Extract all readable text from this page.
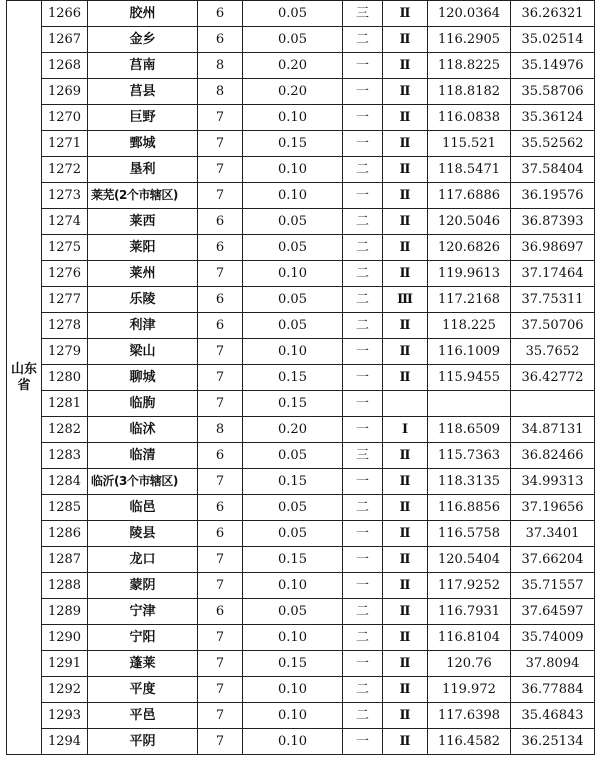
山东省	1266	胶州	6	0.05	三	Ⅱ	120.0364	36.26321
	1267	金乡	6	0.05	二	Ⅱ	116.2905	35.02514
	1268	莒南	8	0.20	一	Ⅱ	118.8225	35.14976
	1269	莒县	8	0.20	一	Ⅱ	118.8182	35.58706
	1270	巨野	7	0.10	一	Ⅱ	116.0838	35.36124
	1271	鄄城	7	0.15	一	Ⅱ	115.521	35.52562
	1272	垦利	7	0.10	二	Ⅱ	118.5471	37.58404
	1273	莱芜(2个市辖区)	7	0.10	一	Ⅱ	117.6886	36.19576
	1274	莱西	6	0.05	二	Ⅱ	120.5046	36.87393
	1275	莱阳	6	0.05	二	Ⅱ	120.6826	36.98697
	1276	莱州	7	0.10	二	Ⅱ	119.9613	37.17464
	1277	乐陵	6	0.05	二	Ⅲ	117.2168	37.75311
	1278	利津	6	0.05	二	Ⅱ	118.225	37.50706
	1279	梁山	7	0.10	一	Ⅱ	116.1009	35.7652
	1280	聊城	7	0.15	一	Ⅱ	115.9455	36.42772
	1281	临朐	7	0.15	一			
	1282	临沭	8	0.20	一	Ⅰ	118.6509	34.87131
	1283	临清	6	0.05	三	Ⅱ	115.7363	36.82466
	1284	临沂(3个市辖区)	7	0.15	一	Ⅱ	118.3135	34.99313
	1285	临邑	6	0.05	二	Ⅱ	116.8856	37.19656
	1286	陵县	6	0.05	一	Ⅱ	116.5758	37.3401
	1287	龙口	7	0.15	一	Ⅱ	120.5404	37.66204
	1288	蒙阴	7	0.10	一	Ⅱ	117.9252	35.71557
	1289	宁津	6	0.05	二	Ⅱ	116.7931	37.64597
	1290	宁阳	7	0.10	二	Ⅱ	116.8104	35.74009
	1291	蓬莱	7	0.15	一	Ⅱ	120.76	37.8094
	1292	平度	7	0.10	二	Ⅱ	119.972	36.77884
	1293	平邑	7	0.10	二	Ⅱ	117.6398	35.46843
	1294	平阴	7	0.10	一	Ⅱ	116.4582	36.25134
